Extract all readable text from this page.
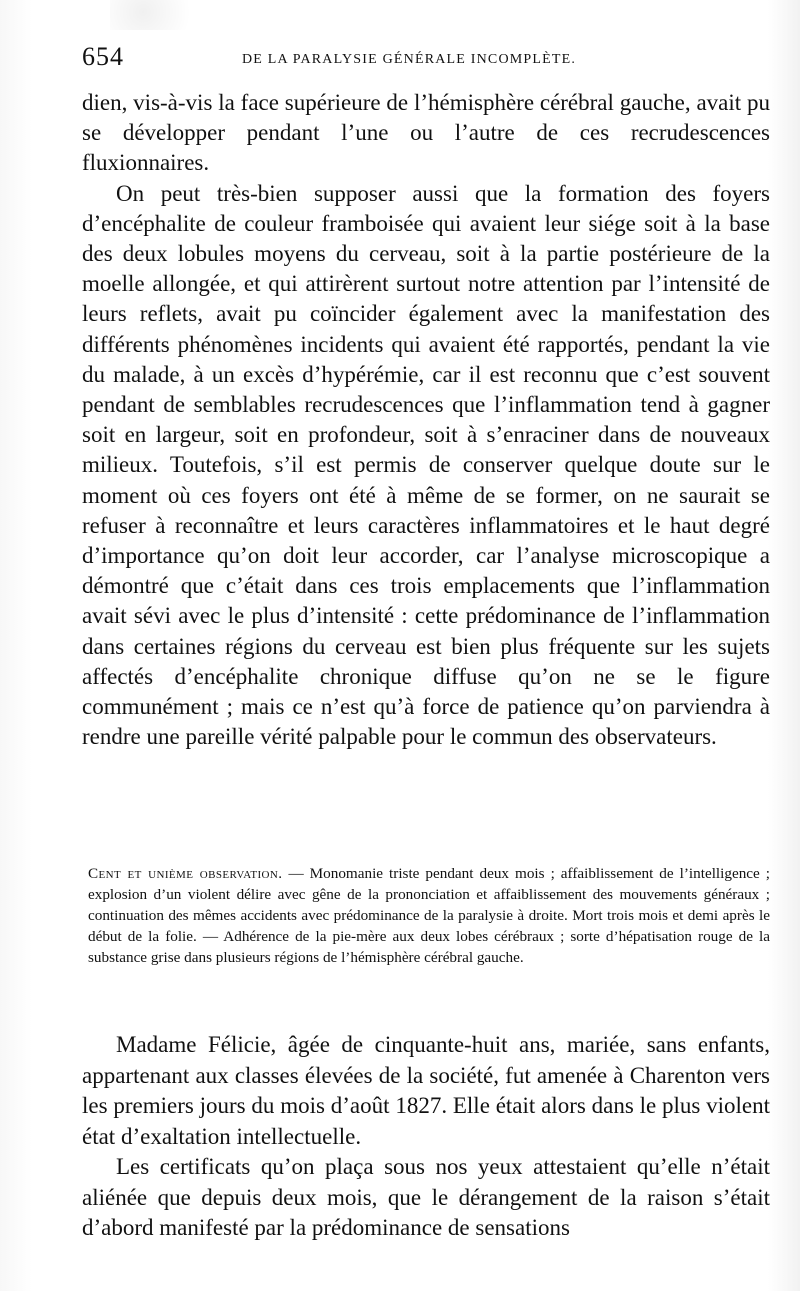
654	DE LA PARALYSIE GÉNÉRALE INCOMPLÈTE.

dien, vis-à-vis la face supérieure de l’hémisphère cérébral gauche, avait pu se développer pendant l’une ou l’autre de ces recrudescences fluxionnaires.

On peut très-bien supposer aussi que la formation des foyers d’encéphalite de couleur framboisée qui avaient leur siége soit à la base des deux lobules moyens du cerveau, soit à la partie postérieure de la moelle allongée, et qui attirèrent surtout notre attention par l’intensité de leurs reflets, avait pu coïncider également avec la manifestation des différents phénomènes incidents qui avaient été rapportés, pendant la vie du malade, à un excès d’hypérémie, car il est reconnu que c’est souvent pendant de semblables recrudescences que l’inflammation tend à gagner soit en largeur, soit en profondeur, soit à s’enraciner dans de nouveaux milieux. Toutefois, s’il est permis de conserver quelque doute sur le moment où ces foyers ont été à même de se former, on ne saurait se refuser à reconnaître et leurs caractères inflammatoires et le haut degré d’importance qu’on doit leur accorder, car l’analyse microscopique a démontré que c’était dans ces trois emplacements que l’inflammation avait sévi avec le plus d’intensité : cette prédominance de l’inflammation dans certaines régions du cerveau est bien plus fréquente sur les sujets affectés d’encéphalite chronique diffuse qu’on ne se le figure communément ; mais ce n’est qu’à force de patience qu’on parviendra à rendre une pareille vérité palpable pour le commun des observateurs.

Cent et unième observation. — Monomanie triste pendant deux mois ; affaiblissement de l’intelligence ; explosion d’un violent délire avec gêne de la prononciation et affaiblissement des mouvements généraux ; continuation des mêmes accidents avec prédominance de la paralysie à droite. Mort trois mois et demi après le début de la folie. — Adhérence de la pie-mère aux deux lobes cérébraux ; sorte d’hépatisation rouge de la substance grise dans plusieurs régions de l’hémisphère cérébral gauche.

Madame Félicie, âgée de cinquante-huit ans, mariée, sans enfants, appartenant aux classes élevées de la société, fut amenée à Charenton vers les premiers jours du mois d’août 1827. Elle était alors dans le plus violent état d’exaltation intellectuelle.

Les certificats qu’on plaça sous nos yeux attestaient qu’elle n’était aliénée que depuis deux mois, que le dérangement de la raison s’était d’abord manifesté par la prédominance de sensations
